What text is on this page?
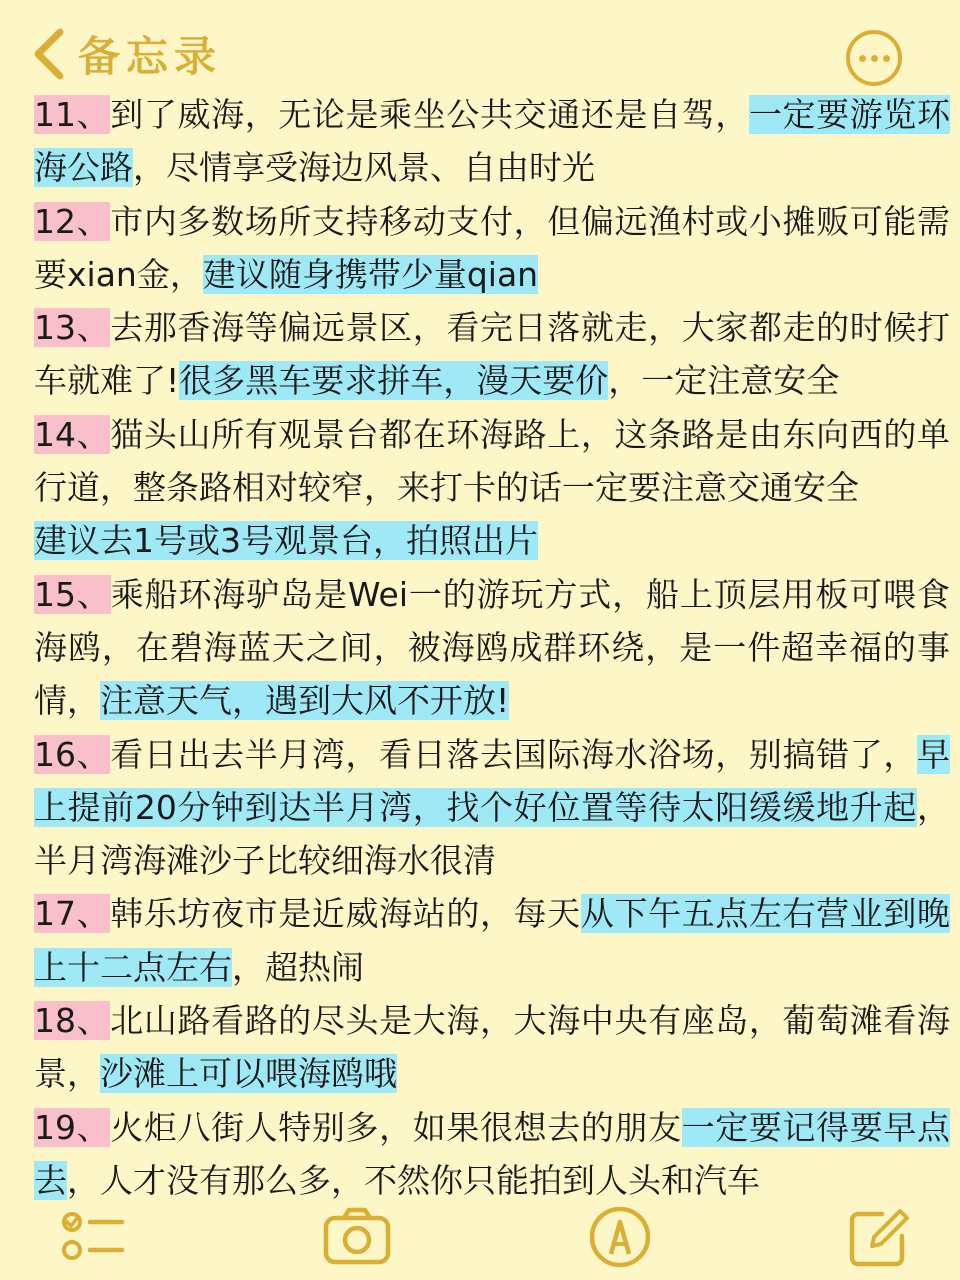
备忘录
11、到了威海，无论是乘坐公共交通还是自驾，一定要游览环海公路，尽情享受海边风景、自由时光
12、市内多数场所支持移动支付，但偏远渔村或小摊贩可能需要xian金，建议随身携带少量qian
13、去那香海等偏远景区，看完日落就走，大家都走的时候打车就难了!很多黑车要求拼车，漫天要价，一定注意安全
14、猫头山所有观景台都在环海路上，这条路是由东向西的单行道，整条路相对较窄，来打卡的话一定要注意交通安全
建议去1号或3号观景台，拍照出片
15、乘船环海驴岛是Wei一的游玩方式，船上顶层用板可喂食海鸥，在碧海蓝天之间，被海鸥成群环绕，是一件超幸福的事情，注意天气，遇到大风不开放!
16、看日出去半月湾，看日落去国际海水浴场，别搞错了，早上提前20分钟到达半月湾，找个好位置等待太阳缓缓地升起，半月湾海滩沙子比较细海水很清
17、韩乐坊夜市是近威海站的，每天从下午五点左右营业到晚上十二点左右，超热闹
18、北山路看路的尽头是大海，大海中央有座岛，葡萄滩看海景，沙滩上可以喂海鸥哦
19、火炬八街人特别多，如果很想去的朋友一定要记得要早点去，人才没有那么多，不然你只能拍到人头和汽车
